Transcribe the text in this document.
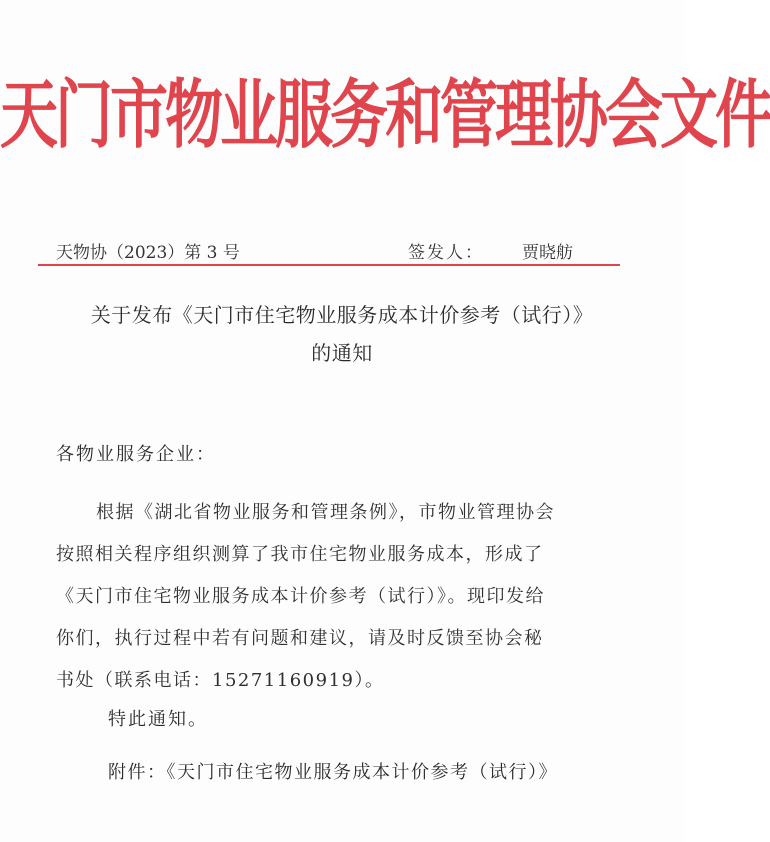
天门市物业服务和管理协会文件
天物协（2023）第 3 号	签发人： 贾晓舫
关于发布《天门市住宅物业服务成本计价参考（试行）》
的通知
各物业服务企业：
根据《湖北省物业服务和管理条例》，市物业管理协会
按照相关程序组织测算了我市住宅物业服务成本，形成了
《天门市住宅物业服务成本计价参考（试行）》。现印发给
你们，执行过程中若有问题和建议，请及时反馈至协会秘
书处（联系电话：15271160919）。
特此通知。
附件：《天门市住宅物业服务成本计价参考（试行）》
